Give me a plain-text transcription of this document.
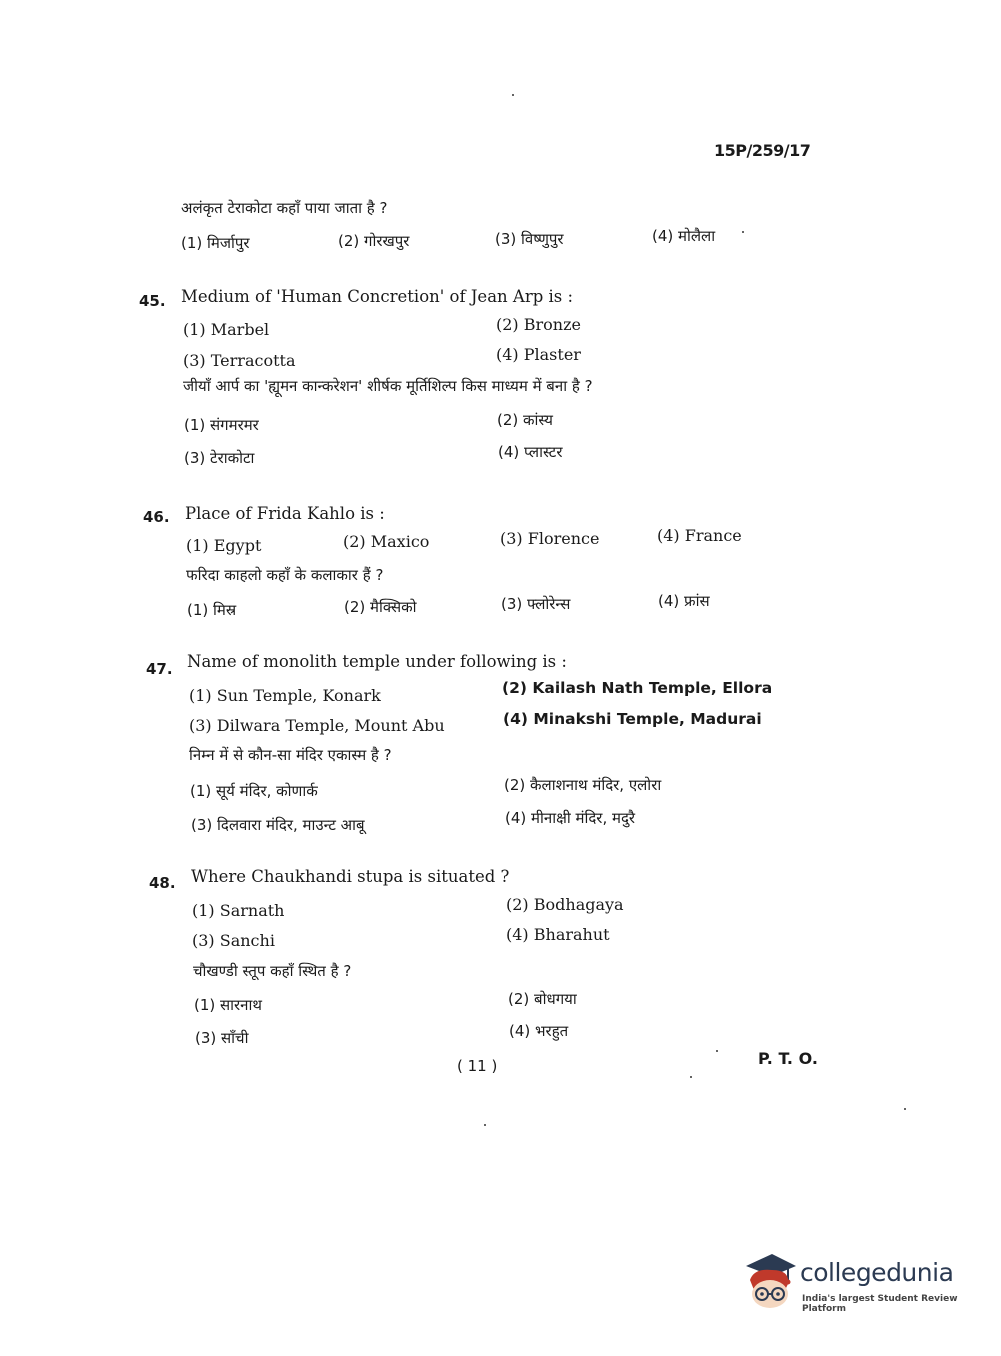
15P/259/17
अलंकृत टेराकोटा कहाँ पाया जाता है ?
(1) मिर्जापुर	(2) गोरखपुर	(3) विष्णुपुर	(4) मोलैला
45. Medium of 'Human Concretion' of Jean Arp is :
(1) Marbel	(2) Bronze
(3) Terracotta	(4) Plaster
जीयाँ आर्प का 'ह्यूमन कान्करेशन' शीर्षक मूर्तिशिल्प किस माध्यम में बना है ?
(1) संगमरमर	(2) कांस्य
(3) टेराकोटा	(4) प्लास्टर
46. Place of Frida Kahlo is :
(1) Egypt	(2) Maxico	(3) Florence	(4) France
फरिदा काहलो कहाँ के कलाकार हैं ?
(1) मिस्र	(2) मैक्सिको	(3) फ्लोरेन्स	(4) फ्रांस
47. Name of monolith temple under following is :
(1) Sun Temple, Konark	(2) Kailash Nath Temple, Ellora
(3) Dilwara Temple, Mount Abu	(4) Minakshi Temple, Madurai
निम्न में से कौन-सा मंदिर एकास्म है ?
(1) सूर्य मंदिर, कोणार्क	(2) कैलाशनाथ मंदिर, एलोरा
(3) दिलवारा मंदिर, माउन्ट आबू	(4) मीनाक्षी मंदिर, मदुरै
48. Where Chaukhandi stupa is situated ?
(1) Sarnath	(2) Bodhagaya
(3) Sanchi	(4) Bharahut
चौखण्डी स्तूप कहाँ स्थित है ?
(1) सारनाथ	(2) बोधगया
(3) साँची	(4) भरहुत
( 11 )	P. T. O.
collegedunia
India's largest Student Review Platform
